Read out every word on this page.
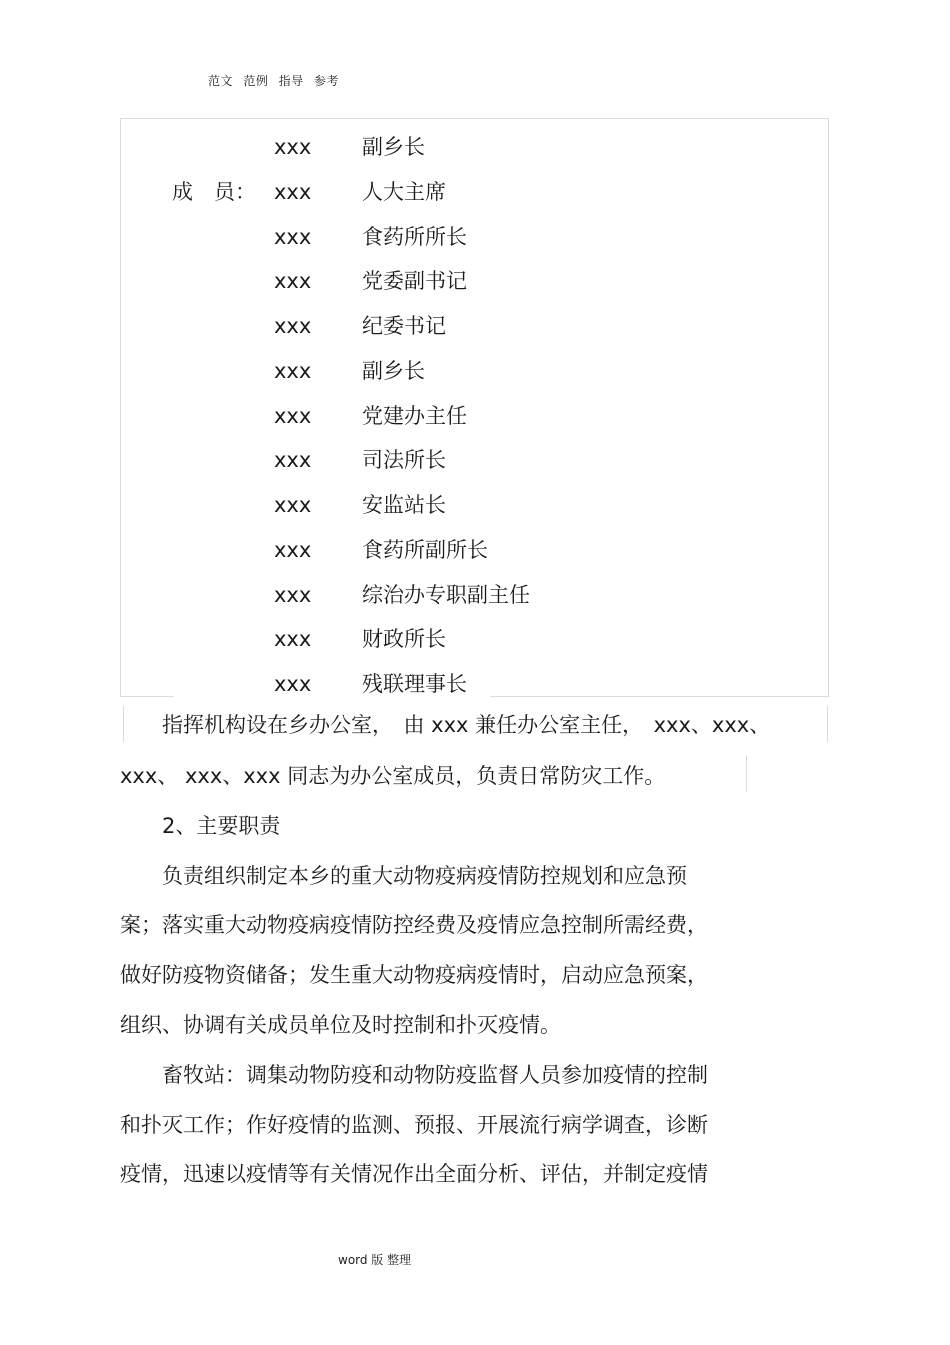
范文 范例 指导 参考
xxx 副乡长
成　员： xxx 人大主席
xxx 食药所所长
xxx 党委副书记
xxx 纪委书记
xxx 副乡长
xxx 党建办主任
xxx 司法所长
xxx 安监站长
xxx 食药所副所长
xxx 综治办专职副主任
xxx 财政所长
xxx 残联理事长
　　指挥机构设在乡办公室，　由 xxx 兼任办公室主任，　xxx、xxx、
xxx、 xxx、xxx 同志为办公室成员，负责日常防灾工作。
　　2、主要职责
　　负责组织制定本乡的重大动物疫病疫情防控规划和应急预
案；落实重大动物疫病疫情防控经费及疫情应急控制所需经费，
做好防疫物资储备；发生重大动物疫病疫情时，启动应急预案，
组织、协调有关成员单位及时控制和扑灭疫情。
　　畜牧站：调集动物防疫和动物防疫监督人员参加疫情的控制
和扑灭工作；作好疫情的监测、预报、开展流行病学调查，诊断
疫情，迅速以疫情等有关情况作出全面分析、评估，并制定疫情
word 版 整理
